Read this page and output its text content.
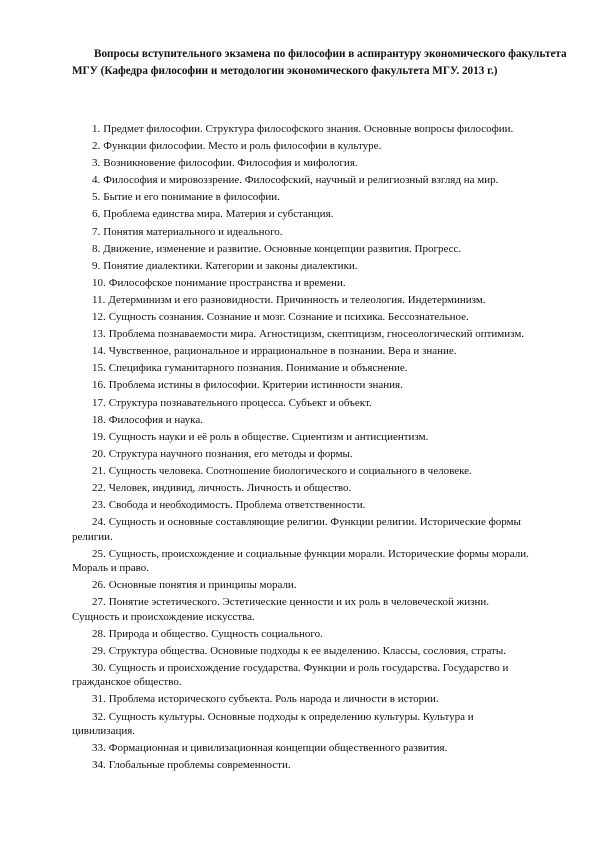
Вопросы вступительного экзамена по философии в аспирантуру экономического факультета МГУ (Кафедра философии и методологии экономического факультета МГУ. 2013 г.)

1. Предмет философии. Структура философского знания. Основные вопросы философии.
2. Функции философии. Место и роль философии в культуре.
3. Возникновение философии. Философия и мифология.
4. Философия и мировоззрение. Философский, научный и религиозный взгляд на мир.
5. Бытие и его понимание в философии.
6. Проблема единства мира. Материя и субстанция.
7. Понятия материального и идеального.
8. Движение, изменение и развитие. Основные концепции развития. Прогресс.
9. Понятие диалектики. Категории и законы диалектики.
10. Философское понимание пространства и времени.
11. Детерминизм и его разновидности. Причинность и телеология. Индетерминизм.
12. Сущность сознания. Сознание и мозг. Сознание и психика. Бессознательное.
13. Проблема познаваемости мира. Агностицизм, скептицизм, гносеологический оптимизм.
14. Чувственное, рациональное и иррациональное в познании. Вера и знание.
15. Специфика гуманитарного познания. Понимание и объяснение.
16. Проблема истины в философии. Критерии истинности знания.
17. Структура познавательного процесса. Субъект и объект.
18. Философия и наука.
19. Сущность науки и её роль в обществе. Сциентизм и антисциентизм.
20. Структура научного познания, его методы и формы.
21. Сущность человека. Соотношение биологического и социального в человеке.
22. Человек, индивид, личность. Личность и общество.
23. Свобода и необходимость. Проблема ответственности.
24. Сущность и основные составляющие религии. Функции религии. Исторические формы религии.
25. Сущность, происхождение и социальные функции морали. Исторические формы морали. Мораль и право.
26. Основные понятия и принципы морали.
27. Понятие эстетического. Эстетические ценности и их роль в человеческой жизни. Сущность и происхождение искусства.
28. Природа и общество. Сущность социального.
29. Структура общества. Основные подходы к ее выделению. Классы, сословия, страты.
30. Сущность и происхождение государства. Функции и роль государства. Государство и гражданское общество.
31. Проблема исторического субъекта. Роль народа и личности в истории.
32. Сущность культуры. Основные подходы к определению культуры. Культура и цивилизация.
33. Формационная и цивилизационная концепции общественного развития.
34. Глобальные проблемы современности.
